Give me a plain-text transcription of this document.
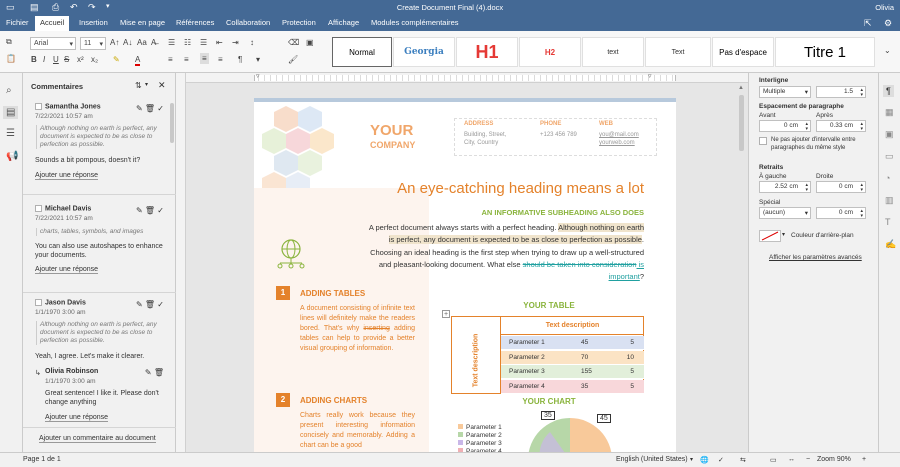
▭ ▤ ⎙ ↶ ↷ ▾	Create Document Final (4).docx	Olivia
Fichier	Accueil	Insertion Mise en page Références Collaboration Protection Affichage Modules complémentaires	⇱ ⚙
⧉
📋
Arial	▾	11 ▾ A↑ A↓ Aa A̶
B I U S x² x₂ ✎ A
☰ ☷ ☰ ⇤ ⇥ ↕
≡ ≡ ≡ ≡ ¶ ▾
⌫ ▣
🖌
Normal	Georgia H1	H2	text	Text	Pas d'espace Titre 1	⌄
⌕
▤
☰
📢
Commentaires	⇅ ▾ ✕
Samantha Jones
7/22/2021 10:57 am
✎ 🗑 ✓
Although nothing on earth is perfect, any document is expected to be as close to perfection as possible.
Sounds a bit pompous, doesn't it?
Ajouter une réponse
Michael Davis
7/22/2021 10:57 am
✎ 🗑 ✓
charts, tables, symbols, and images
You can also use autoshapes to enhance your documents.
Ajouter une réponse
Jason Davis
1/1/1970 3:00 am
✎ 🗑 ✓
Although nothing on earth is perfect, any document is expected to be as close to perfection as possible.
Yeah, I agree. Let's make it clearer.
↳ Olivia Robinson
1/1/1970 3:00 am
✎ 🗑
Great sentence! I like it. Please don't change anything
Ajouter une réponse
Ajouter un commentaire au document
▿	▿
YOUR
COMPANY
ADDRESS
Building, Street,
City, Country
PHONE
+123 456 789
WEB
you@mail.com
yourweb.com
An eye-catching heading means a lot
AN INFORMATIVE SUBHEADING ALSO DOES
A perfect document always starts with a perfect heading. Although nothing on earth is perfect, any document is expected to be as close to perfection as possible. Choosing an ideal heading is the first step when trying to draw up a well-structured and pleasant-looking document. What else should be taken into consideration is important?
1	ADDING TABLES
A document consisting of infinite text lines will definitely make the readers bored. That's why inserting adding tables can help to provide a better visual grouping of information.
2	ADDING CHARTS
Charts really work because they present interesting information concisely and memorably. Adding a chart can be a good
YOUR TABLE
+
Text description
Text description	Parameter 1	45	5
Parameter 2	70	10
Parameter 3	155	5
Parameter 4	35	5
YOUR CHART
35	45
Parameter 1
Parameter 2
Parameter 3
Parameter 4
▲
Interligne
Multiple	▾	1.5 ▴
▾
Espacement de paragraphe
Avant	Après
0 cm ▴
▾	0.33 cm ▴
▾
Ne pas ajouter d'intervalle entre paragraphes du même style
Retraits
À gauche	Droite
2.52 cm ▴
▾	0 cm ▴
▾
Spécial
(aucun)	▾	0 cm ▴
▾
▾ Couleur d'arrière-plan
Afficher les paramètres avancés
¶
▦
▣
▭
◔
▥
T
✍
Page 1 de 1	English (United States) ▾ 🌐 ✓ ⇆	▭ ↔ − Zoom 90% +
